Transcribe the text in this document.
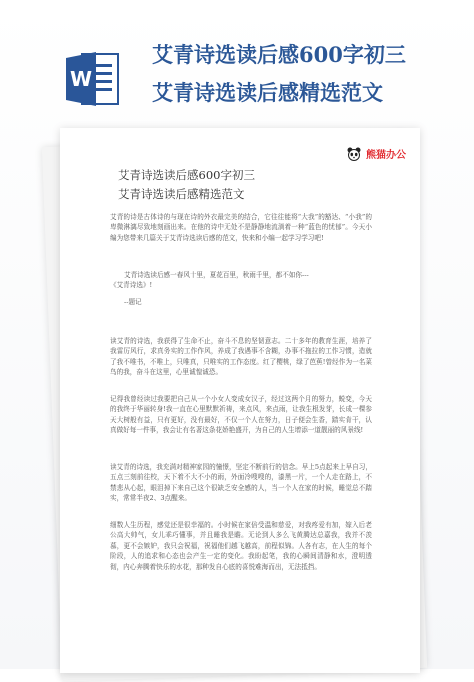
W
艾青诗选读后感600字初三
艾青诗选读后感精选范文
熊猫办公
艾青诗选读后感600字初三
艾青诗选读后感精选范文
艾青的诗是古体诗的与现在诗的外衣最完美的结合，它往往能将“大我”的豁达、“小我”的卑微淋漓尽致地刻画出来。在他的诗中无处不是静静地流淌着一种“蓝色的忧郁”。今天小编为您带来几篇关于艾青诗选读后感的范文，快来和小编一起学习学习吧!
艾青诗选读后感一春风十里，夏花百里，秋雨千里，都不如你---
《艾青诗选》!
--题记
读艾青的诗选，我获得了生命不止，奋斗不息的坚韧意志。二十多年的教育生涯，培养了我雷厉风行，求真务实的工作作风，养成了我遇事不含糊，办事不拖拉的工作习惯，造就了我不唯书，不唯上，只唯真，只唯实的工作态度。红了樱桃，绿了芭蕉!曾经作为一名菜鸟的我，奋斗在这里，心里诚惶诚恐。
记得我曾经读过我要把自己从一个小女人变成女汉子，经过这两个月的努力，蜕变，今天的我终于华丽转身!我一直在心里默默祈祷，来点风，来点雨，让我生根发芽，长成一棵参天大树般有益，只有更好，没有最好，不仅一个人在努力，日子便会生香，踏实肯干，认真做好每一件事，我会让有名著这条花娇艳盛开，为自己的人生增添一道靓丽的风景线!
读艾青的诗选，我充满对精神家园的憧憬，坚定不断前行的信念。早上5点起来上早自习，五点三刻前往校，天下着不大不小的雨，外面冷嗖嗖的，漆黑一片，一个人走在路上，不禁悲从心起，眼泪掉下来自己这个很缺乏安全感的人，当一个人在家的时候，睡觉总不踏实，常常半夜2、3点醒来。
细数人生历程，感觉还是很幸福的。小时候在家倍受温和慈爱，对我疼爱有加，嫁入后老公高大帅气，女儿乖巧懂事，并且睡我是瞻。无论到人多么飞黄腾达总嘉我，我并不羡慕，更不会嫉妒，我只会祝福，祝福他们越飞越高，前程似锦。人各有志，在人生的每个阶段，人的追求和心态也会产生一定的变化。我盼起笔，我的心瞬间清静和水，澄明透彻，内心奔腾着快乐的水花，那种发自心底的喜悦难海而出，无法抵挡。
